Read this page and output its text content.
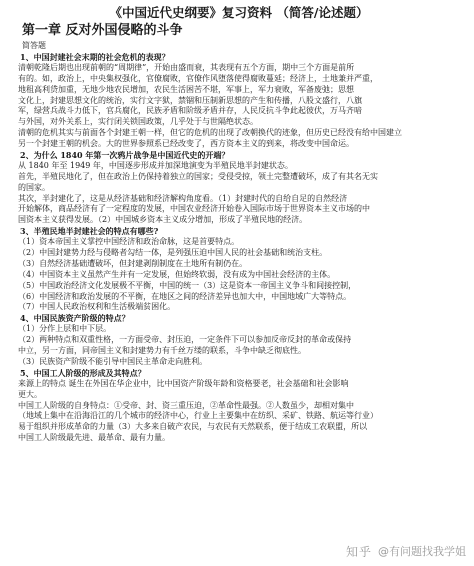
《中国近代史纲要》复习资料 （简答/论述题）
第一章 反对外国侵略的斗争
简答题
1、中国封建社会末期的社会危机的表现？
清朝乾隆后期也出现前朝的“周期律”，开始由盛而衰，其表现有五个方面，期中三个方面是前所
有的。如，政治上，中央集权强化，官僚腐败，官僚作风堕落使得腐败蔓延；经济上，土地兼并严重，
地租高利贷加重，无地少地农民增加，农民生活困苦不堪，军事上，军力衰败，军备废弛；思想
文化上，封建思想文化的统治，实行文字狱，禁锢和压制新思想的产生和传播，八股文盛行，八旗
军，绿营兵战斗力低下，官兵腐化，民族矛盾和阶级矛盾并存，人民反抗斗争此起彼伏，万马齐喑
与外国，对外关系上，实行闭关锁国政策，几乎处于与世隔绝状态。
清朝的危机其实与前面各个封建王朝一样，但它的危机的出现了改朝换代的迹象，但历史已经没有给中国建立
另一个封建王朝的机会。大的世界参照系已经改变了，西方资本主义的到来，将改变中国命运。
2、为什么 1840 年第一次鸦片战争是中国近代史的开端？
从 1840 年至 1949 年，中国逐步形成并加深地演变为半殖民地半封建状态。
首先，半殖民地化了，但在政治上仍保持着独立的国家；受侵受掠，领土完整遭破坏，成了有其名无实
的国家。
其次，半封建化了，这是从经济基础和经济解构角度看。（1）封建时代的自给自足的自然经济
开始解体，商品经济有了一定程度的发展，中国农业经济开始卷入国际市场于世界资本主义市场的中
国资本主义获得发展。（2）中国城乡资本主义成分增加，形成了半殖民地的经济。
3、半殖民地半封建社会的特点有哪些?
（1）资本帝国主义掌控中国经济和政治命脉，这是首要特点。
（2）中国封建势力经与侵略者勾结一体，是列强压迫中国人民的社会基础和统治支柱。
（3）自然经济基础遭破坏，但封建剥削制度在土地所有制仍在。
（4）中国资本主义虽然产生并有一定发展，但始终软弱，没有成为中国社会经济的主体。
（5）中国政治经济文化发展极不平衡，中国的统一（3）这是资本一帝国主义争斗和间接控制，
（6）中国经济和政治发展的不平衡，在地区之间的经济差异也加大中，中国地域广大等特点。
（7）中国人民政治权利和生活极端贫困化。
4、中国民族资产阶级的特点？
（1）分作上层和中下层。
（2）两种特点和双重性格，一方面受帝、封压迫，一定条件下可以参加反帝反封的革命或保持
中立，另一方面，同帝国主义和封建势力有千丝万缕的联系，斗争中缺乏彻底性。
（3）民族资产阶级不能引导中国民主革命走向胜利。
5、中国工人阶级的形成及其特点？
来源上的特点 诞生在外国在华企业中，比中国资产阶级年龄和资格要老，社会基础和社会影响
更大。
中国工人阶级的自身特点：①受帝、封、资三重压迫，②革命性最强。②人数虽少，却相对集中
（地域上集中在沿海沿江的几个城市的经济中心，行业上主要集中在纺织、采矿、铁路、航运等行业）
易于组织并形成革命的力量（3）大多来自破产农民，与农民有天然联系，便于结成工农联盟，所以
中国工人阶级最先进、最革命、最有力量。
知乎 @有问题找我学姐
